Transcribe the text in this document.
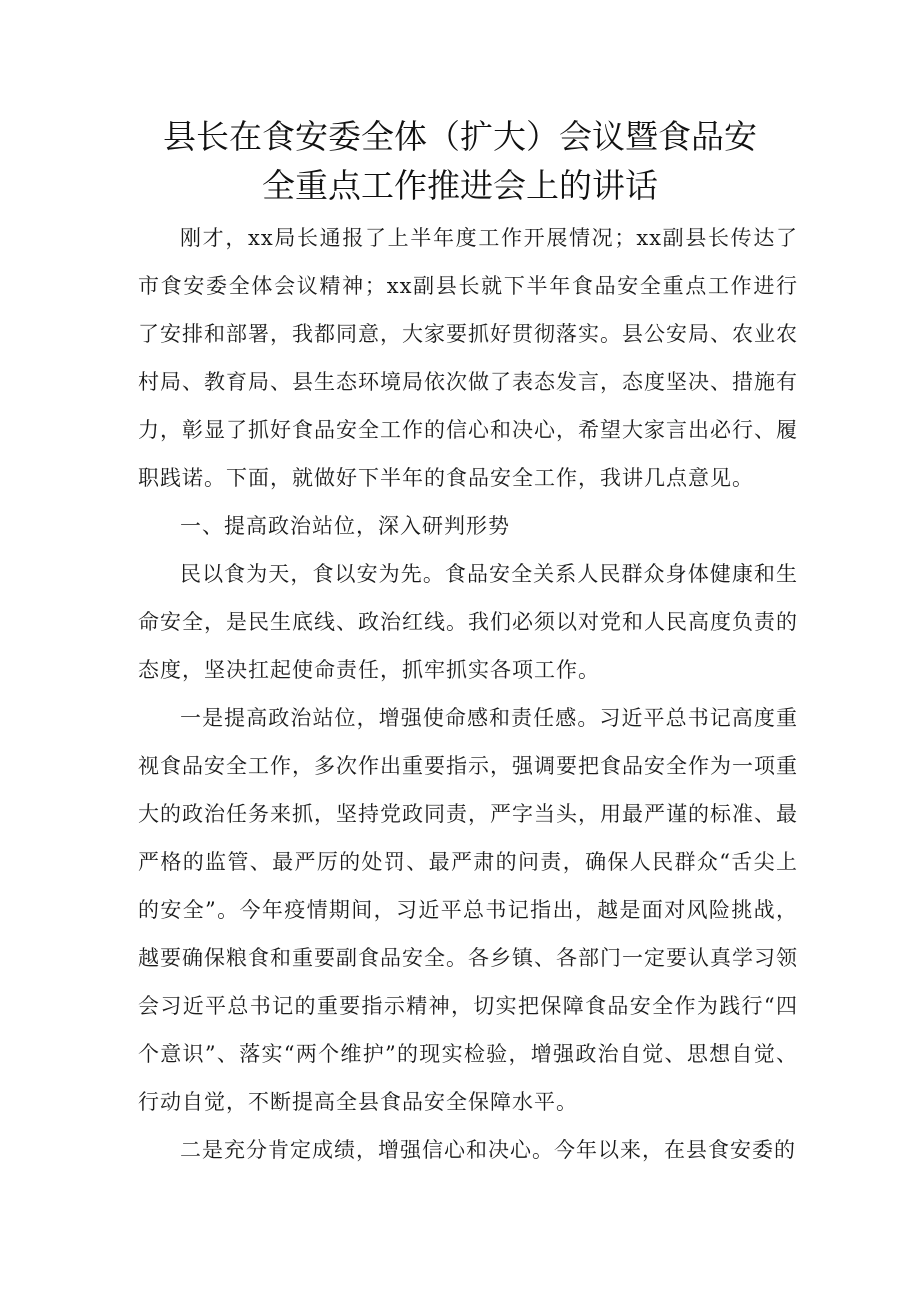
县长在食安委全体（扩大）会议暨食品安
全重点工作推进会上的讲话

刚才，xx局长通报了上半年度工作开展情况；xx副县长传达了市食安委全体会议精神；xx副县长就下半年食品安全重点工作进行了安排和部署，我都同意，大家要抓好贯彻落实。县公安局、农业农村局、教育局、县生态环境局依次做了表态发言，态度坚决、措施有力，彰显了抓好食品安全工作的信心和决心，希望大家言出必行、履职践诺。下面，就做好下半年的食品安全工作，我讲几点意见。

一、提高政治站位，深入研判形势

民以食为天，食以安为先。食品安全关系人民群众身体健康和生命安全，是民生底线、政治红线。我们必须以对党和人民高度负责的态度，坚决扛起使命责任，抓牢抓实各项工作。

一是提高政治站位，增强使命感和责任感。习近平总书记高度重视食品安全工作，多次作出重要指示，强调要把食品安全作为一项重大的政治任务来抓，坚持党政同责，严字当头，用最严谨的标准、最严格的监管、最严厉的处罚、最严肃的问责，确保人民群众“舌尖上的安全”。今年疫情期间，习近平总书记指出，越是面对风险挑战，越要确保粮食和重要副食品安全。各乡镇、各部门一定要认真学习领会习近平总书记的重要指示精神，切实把保障食品安全作为践行“四个意识”、落实“两个维护”的现实检验，增强政治自觉、思想自觉、行动自觉，不断提高全县食品安全保障水平。

二是充分肯定成绩，增强信心和决心。今年以来，在县食安委的
